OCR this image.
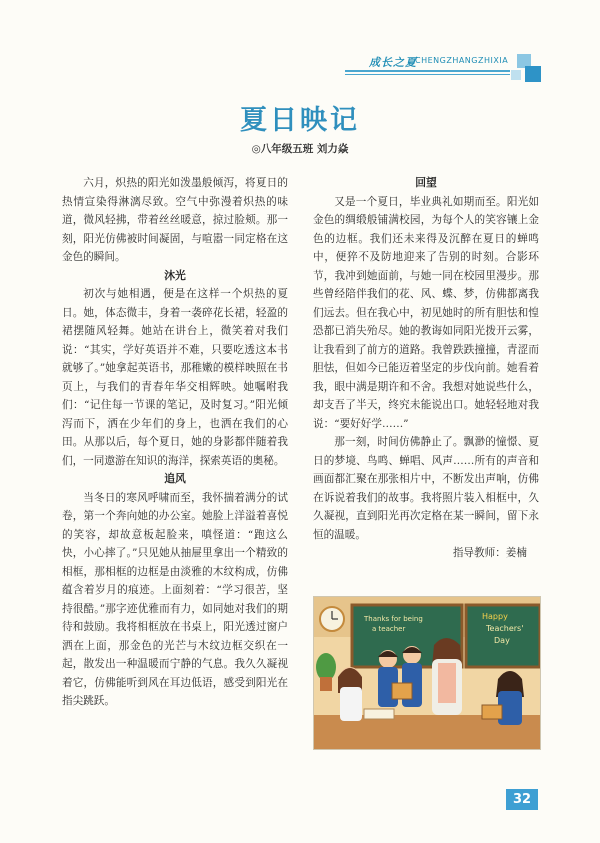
成长之夏
CHENGZHANGZHIXIA
夏日映记
◎八年级五班 刘力焱

六月，炽热的阳光如泼墨般倾泻，将夏日的热情宣染得淋漓尽致。空气中弥漫着炽热的味道，微风轻拂，带着丝丝暖意，掠过脸颊。那一刻，阳光仿佛被时间凝固，与喧嚣一同定格在这金色的瞬间。

沐光

初次与她相遇，便是在这样一个炽热的夏日。她，体态微丰，身着一袭碎花长裙，轻盈的裙摆随风轻舞。她站在讲台上，微笑着对我们说：“其实，学好英语并不难，只要吃透这本书就够了。”她拿起英语书，那稚嫩的模样映照在书页上，与我们的青春年华交相辉映。她嘱咐我们：“记住每一节课的笔记，及时复习。”阳光倾泻而下，洒在少年们的身上，也洒在我们的心田。从那以后，每个夏日，她的身影都伴随着我们，一同遨游在知识的海洋，探索英语的奥秘。

追风

当冬日的寒风呼啸而至，我怀揣着满分的试卷，第一个奔向她的办公室。她脸上洋溢着喜悦的笑容，却故意板起脸来，嗔怪道：“跑这么快，小心摔了。”只见她从抽屉里拿出一个精致的相框，那相框的边框是由淡雅的木纹构成，仿佛蕴含着岁月的痕迹。上面刻着：“学习很苦，坚持很酷。”那字迹优雅而有力，如同她对我们的期待和鼓励。我将相框放在书桌上，阳光透过窗户洒在上面，那金色的光芒与木纹边框交织在一起，散发出一种温暖而宁静的气息。我久久凝视着它，仿佛能听到风在耳边低语，感受到阳光在指尖跳跃。

回望

又是一个夏日，毕业典礼如期而至。阳光如金色的绸缎般铺满校园，为每个人的笑容镶上金色的边框。我们还未来得及沉醉在夏日的蝉鸣中，便猝不及防地迎来了告别的时刻。合影环节，我冲到她面前，与她一同在校园里漫步。那些曾经陪伴我们的花、风、蝶、梦，仿佛都离我们远去。但在我心中，初见她时的所有胆怯和惶恐都已消失殆尽。她的教诲如同阳光拨开云雾，让我看到了前方的道路。我曾跌跌撞撞，青涩而胆怯，但如今已能迈着坚定的步伐向前。她看着我，眼中满是期许和不舍。我想对她说些什么，却支吾了半天，终究未能说出口。她轻轻地对我说：“要好好学……”

那一刻，时间仿佛静止了。飘渺的憧憬、夏日的梦境、鸟鸣、蝉唱、风声……所有的声音和画面都汇聚在那张相片中，不断发出声响，仿佛在诉说着我们的故事。我将照片装入相框中，久久凝视，直到阳光再次定格在某一瞬间，留下永恒的温暖。

指导教师：姜楠

Thanks for being
a teacher
Happy
Teachers'
Day
32
